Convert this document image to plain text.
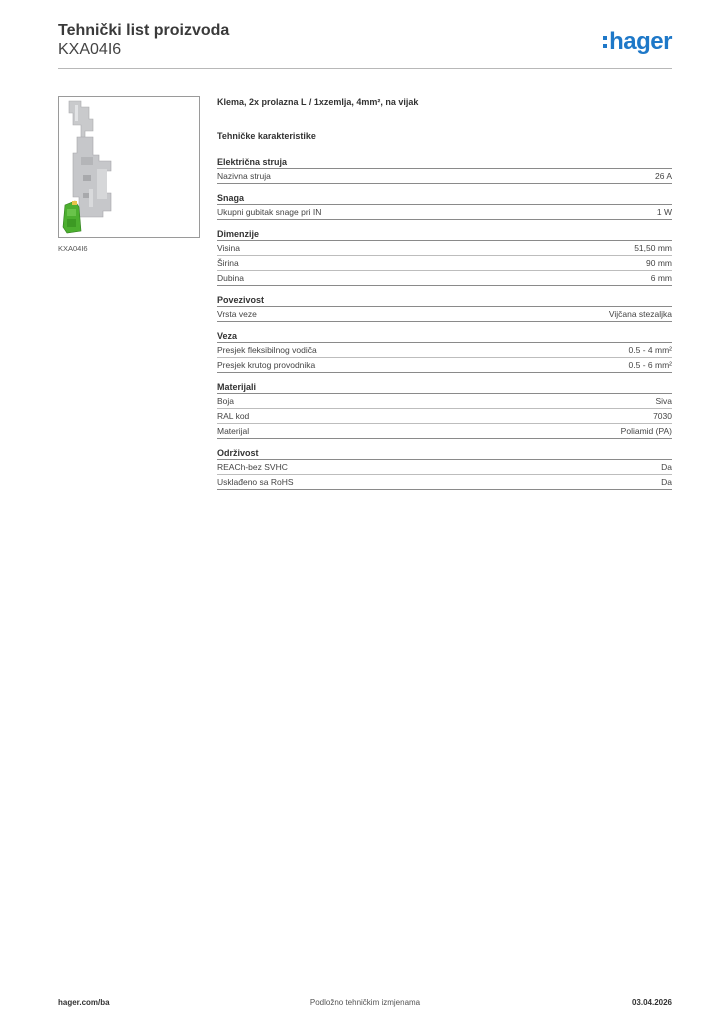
Tehnički list proizvoda
KXA04I6	hager
KXA04I6
Klema, 2x prolazna L / 1xzemlja, 4mm², na vijak
Tehničke karakteristike
Električna struja
Nazivna struja	26 A
Snaga
Ukupni gubitak snage pri IN	1 W
Dimenzije
Visina	51,50 mm
Širina	90 mm
Dubina	6 mm
Povezivost
Vrsta veze	Vijčana stezaljka
Veza
Presjek fleksibilnog vodiča	0.5 - 4 mm²
Presjek krutog provodnika	0.5 - 6 mm²
Materijali
Boja	Siva
RAL kod	7030
Materijal	Poliamid (PA)
Održivost
REACh-bez SVHC	Da
Usklađeno sa RoHS	Da
Podložno tehničkim izmjenama
hager.com/ba	03.04.2026
